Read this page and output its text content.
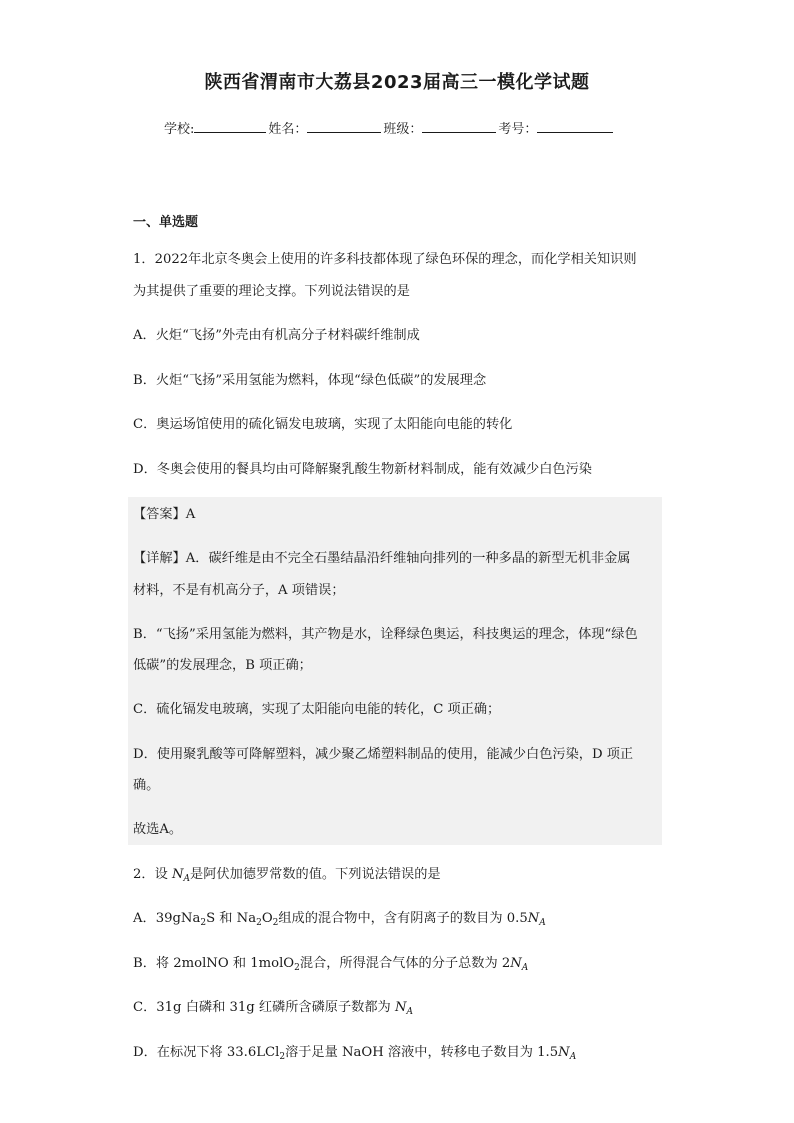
陕西省渭南市大荔县2023届高三一模化学试题
学校:	姓名：	班级：	考号：
一、单选题
1．2022年北京冬奥会上使用的许多科技都体现了绿色环保的理念，而化学相关知识则
为其提供了重要的理论支撑。下列说法错误的是
A．火炬“飞扬”外壳由有机高分子材料碳纤维制成
B．火炬“飞扬”采用氢能为燃料，体现“绿色低碳”的发展理念
C．奥运场馆使用的硫化镉发电玻璃，实现了太阳能向电能的转化
D．冬奥会使用的餐具均由可降解聚乳酸生物新材料制成，能有效减少白色污染
【答案】A
【详解】A．碳纤维是由不完全石墨结晶沿纤维轴向排列的一种多晶的新型无机非金属
材料，不是有机高分子，A 项错误；
B．“飞扬”采用氢能为燃料，其产物是水，诠释绿色奥运，科技奥运的理念，体现“绿色
低碳”的发展理念，B 项正确；
C．硫化镉发电玻璃，实现了太阳能向电能的转化，C 项正确；
D．使用聚乳酸等可降解塑料，减少聚乙烯塑料制品的使用，能减少白色污染，D 项正
确。
故选A。
2．设 $N_A$是阿伏加德罗常数的值。下列说法错误的是
A．39gNa$_2$S 和 $Na_2O_2$组成的混合物中，含有阴离子的数目为 $0.5N_A$
B．将 2molNO 和 1molO$_2$混合，所得混合气体的分子总数为 $2N_A$
C．31g 白磷和 31g 红磷所含磷原子数都为 $N_A$
D．在标况下将 33.6LCl$_2$溶于足量 NaOH 溶液中，转移电子数目为 $1.5N_A$
